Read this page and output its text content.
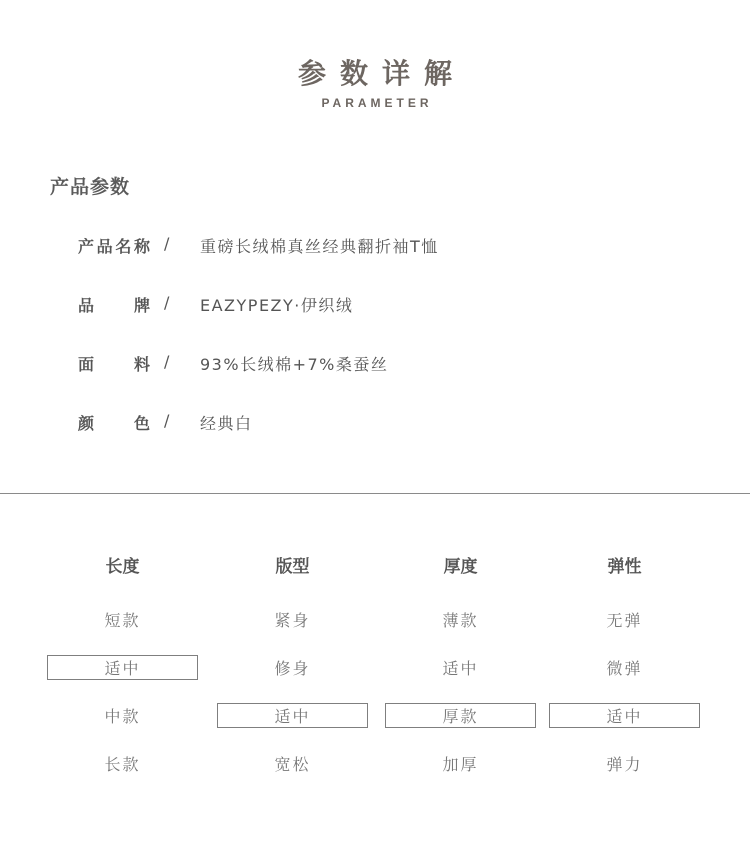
参数详解
PARAMETER
产品参数
产品名称 / 重磅长绒棉真丝经典翻折袖T恤
品牌 / EAZYPEZY·伊织绒
面料 / 93%长绒棉+7%桑蚕丝
颜色 / 经典白
长度
短款
适中
中款
长款
版型
紧身
修身
适中
宽松
厚度
薄款
适中
厚款
加厚
弹性
无弹
微弹
适中
弹力
